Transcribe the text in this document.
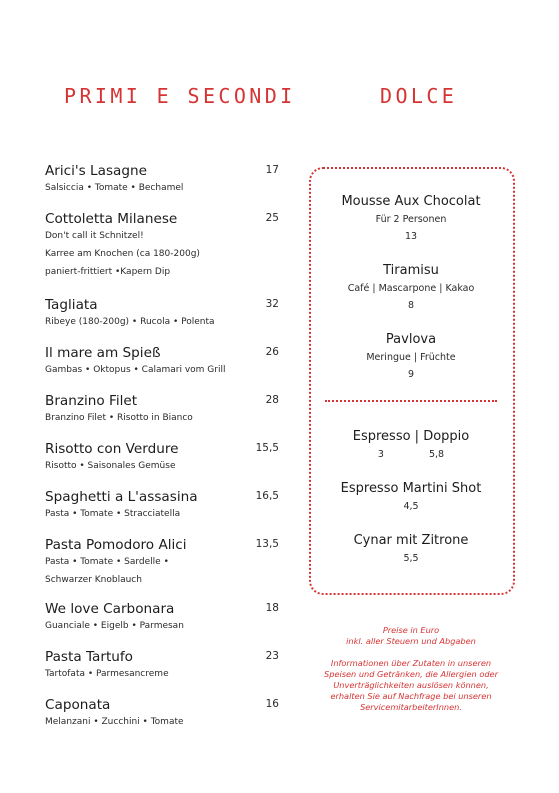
PRIMI E SECONDI	DOLCE
Arici's Lasagne	17
Salsiccia • Tomate • Bechamel
Cottoletta Milanese	25
Don't call it Schnitzel!
Karree am Knochen (ca 180-200g)
paniert-frittiert •Kapern Dip
Tagliata	32
Ribeye (180-200g) • Rucola • Polenta
Il mare am Spieß	26
Gambas • Oktopus • Calamari vom Grill
Branzino Filet	28
Branzino Filet • Risotto in Bianco
Risotto con Verdure	15,5
Risotto • Saisonales Gemüse
Spaghetti a L'assasina	16,5
Pasta • Tomate • Stracciatella
Pasta Pomodoro Alici	13,5
Pasta • Tomate • Sardelle •
Schwarzer Knoblauch
We love Carbonara	18
Guanciale • Eigelb • Parmesan
Pasta Tartufo	23
Tartofata • Parmesancreme
Caponata	16
Melanzani • Zucchini • Tomate
Mousse Aux Chocolat
Für 2 Personen
13
Tiramisu
Café | Mascarpone | Kakao
8
Pavlova
Meringue | Früchte
9
Espresso | Doppio
3	5,8
Espresso Martini Shot
4,5
Cynar mit Zitrone
5,5

Preise in Euro

inkl. aller Steuern und Abgaben

Informationen über Zutaten in unseren Speisen und Getränken, die Allergien oder Unverträglichkeiten auslösen können, erhalten Sie auf Nachfrage bei unseren ServicemitarbeiterInnen.
